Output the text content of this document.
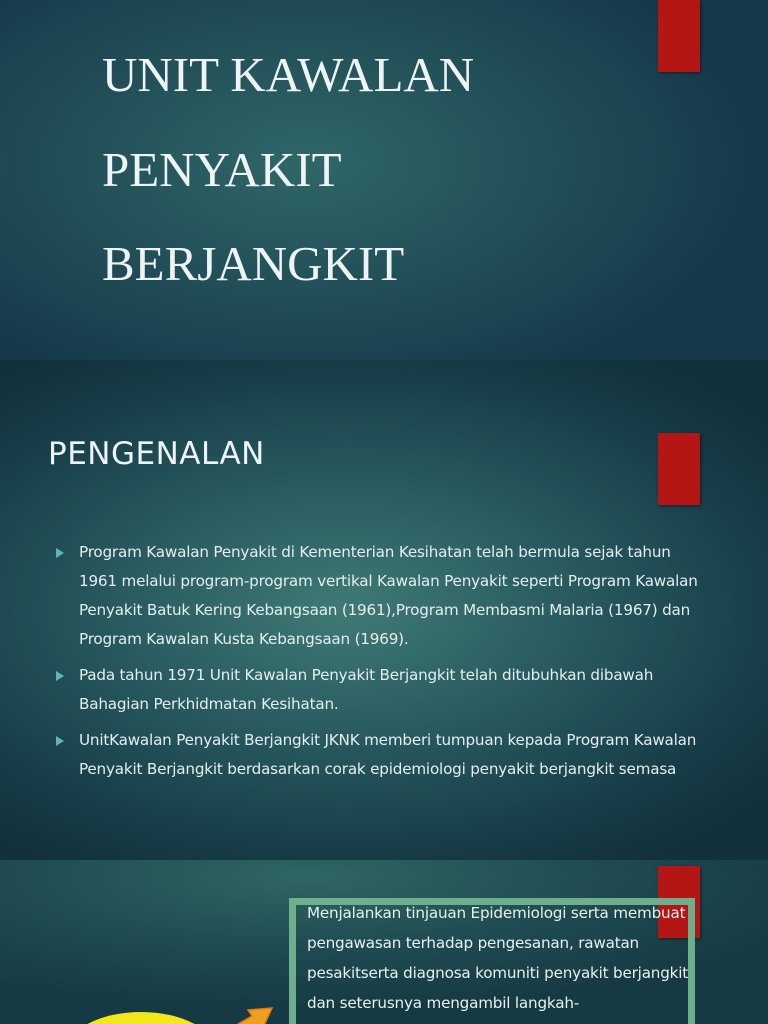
UNIT KAWALAN
PENYAKIT
BERJANGKIT
PENGENALAN
Program Kawalan Penyakit di Kementerian Kesihatan telah bermula sejak tahun 1961 melalui program-program vertikal Kawalan Penyakit seperti Program Kawalan Penyakit Batuk Kering Kebangsaan (1961),Program Membasmi Malaria (1967) dan Program Kawalan Kusta Kebangsaan (1969).
Pada tahun 1971 Unit Kawalan Penyakit Berjangkit telah ditubuhkan dibawah Bahagian Perkhidmatan Kesihatan.
UnitKawalan Penyakit Berjangkit JKNK memberi tumpuan kepada Program Kawalan Penyakit Berjangkit berdasarkan corak epidemiologi penyakit berjangkit semasa

Menjalankan tinjauan Epidemiologi serta membuat pengawasan terhadap pengesanan, rawatan pesakitserta diagnosa komuniti penyakit berjangkit dan seterusnya mengambil langkah-
